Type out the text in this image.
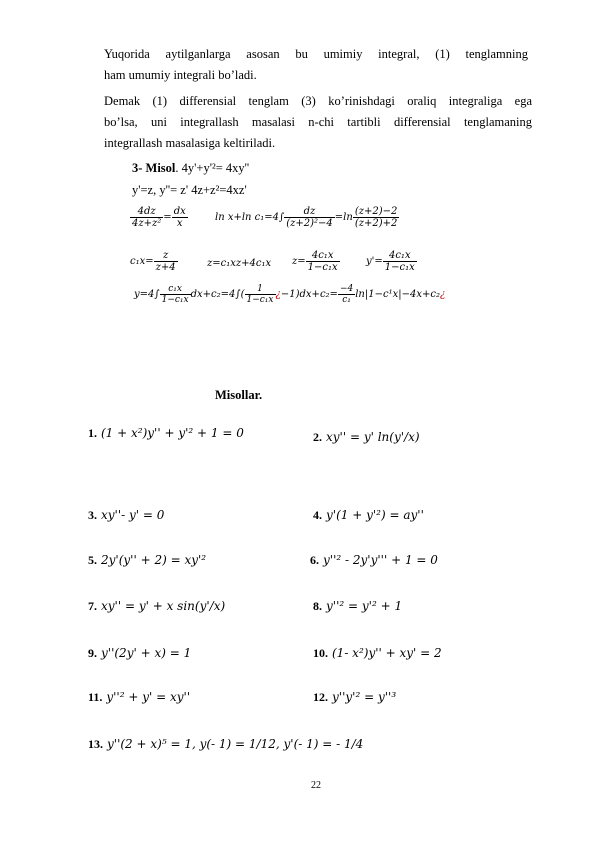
Yuqorida aytilganlarga asosan bu umimiy integral, (1) tenglamning
ham umumiy integrali bo’ladi.
Demak (1) differensial tenglam (3) ko’rinishdagi oraliq integraliga ega
bo’lsa, uni integrallash masalasi n-chi tartibli differensial tenglamaning
integrallash masalasiga keltiriladi.
3- Misol. 4y'+y'²= 4xy''
y'=z, y''= z' 4z+z²=4xz'
$\frac{4dz}{\text{4z+z²}} = \frac{dx}{x}$	ln x+ln $c_1=4\int \frac{dz}{\text{(z+2)²−4}} =\ln \frac{(z+2)-2}{(z+2)+2}$
$c_1x= \frac{z}{z+4}$	z=c₁xz+4c₁x $z= \frac{\text{4c₁x}}{\text{1−c₁x}}$	$y'= \frac{\text{4c₁x}}{\text{1−c₁x}}$
$y=4\int \frac{\text{c₁x}}{\text{1−c₁x}} dx+c_2=4\int( \frac{1}{\text{1−c₁x}}$ ¿$-1)dx+c_2= \frac{-4}{\text{c₁}}$ ln|1−c¹x|−4x+c₂¿
Misollar.
1. (1 + x²)y'' + y'² + 1 = 0
3. xy''- y' = 0
5. 2y'(y'' + 2) = xy'²
7. xy'' = y' + x sin(y'/x)
9. y''(2y' + x) = 1
11. y''² + y' = xy''
13. y''(2 + x)⁵ = 1, y(- 1) = 1/12, y'(- 1) = - 1/4
2. xy'' = y' ln(y'/x)
4. y'(1 + y'²) = ay''
6. y''² - 2y'y''' + 1 = 0
8. y''² = y'² + 1
10. (1- x²)y'' + xy' = 2
12. y''y'² = y''³
22
